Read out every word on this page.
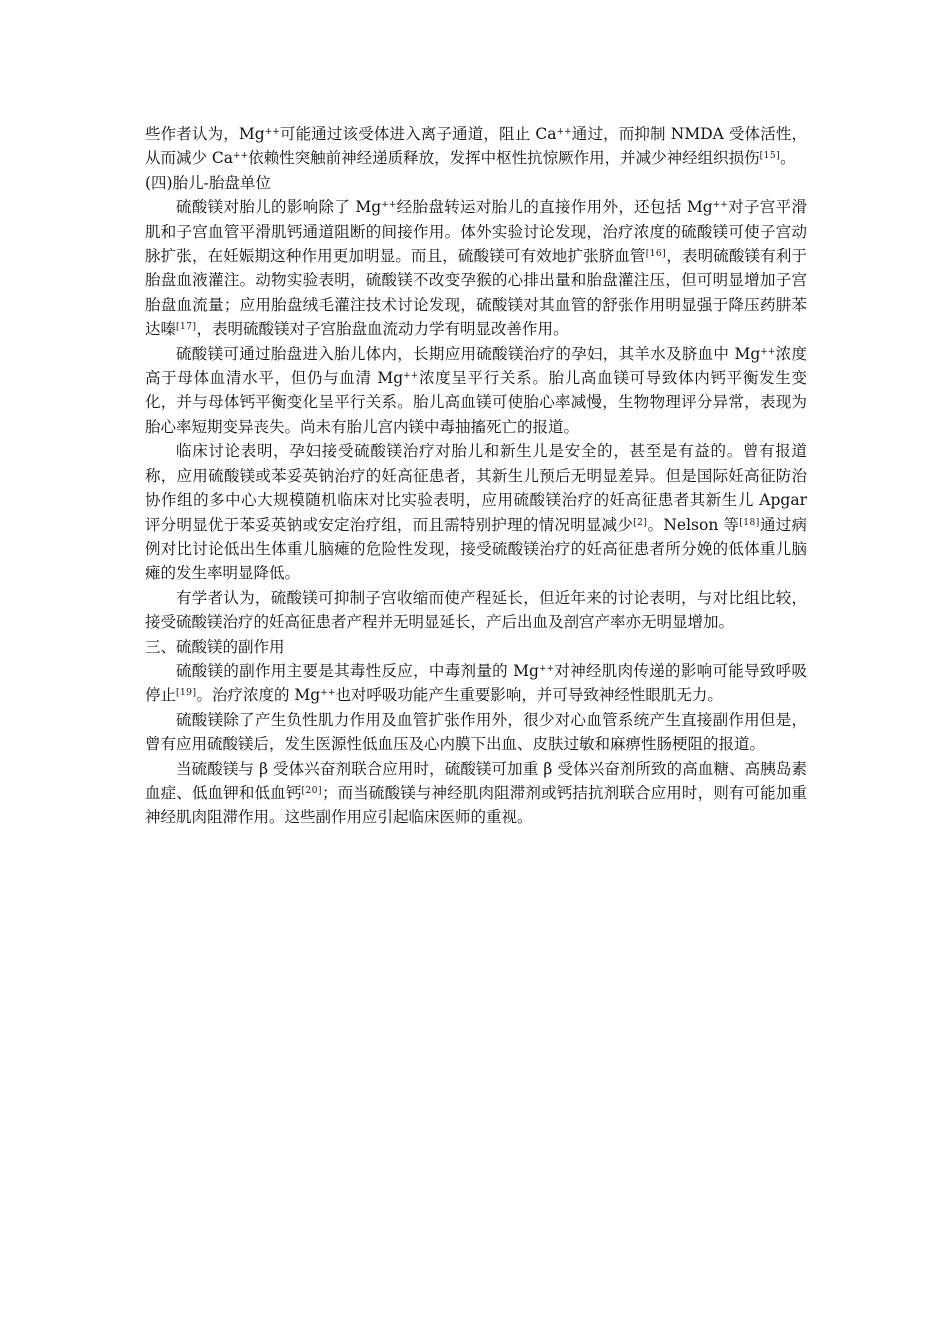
些作者认为，Mg++可能通过该受体进入离子通道，阻止 Ca++通过，而抑制 NMDA 受体活性，从而减少 Ca++依赖性突触前神经递质释放，发挥中枢性抗惊厥作用，并减少神经组织损伤[15]。

(四)胎儿-胎盘单位

硫酸镁对胎儿的影响除了 Mg++经胎盘转运对胎儿的直接作用外，还包括 Mg++对子宫平滑肌和子宫血管平滑肌钙通道阻断的间接作用。体外实验讨论发现，治疗浓度的硫酸镁可使子宫动脉扩张，在妊娠期这种作用更加明显。而且，硫酸镁可有效地扩张脐血管[16]，表明硫酸镁有利于胎盘血液灌注。动物实验表明，硫酸镁不改变孕猴的心排出量和胎盘灌注压，但可明显增加子宫胎盘血流量；应用胎盘绒毛灌注技术讨论发现，硫酸镁对其血管的舒张作用明显强于降压药肼苯达嗪[17]，表明硫酸镁对子宫胎盘血流动力学有明显改善作用。

硫酸镁可通过胎盘进入胎儿体内，长期应用硫酸镁治疗的孕妇，其羊水及脐血中 Mg++浓度高于母体血清水平，但仍与血清 Mg++浓度呈平行关系。胎儿高血镁可导致体内钙平衡发生变化，并与母体钙平衡变化呈平行关系。胎儿高血镁可使胎心率减慢，生物物理评分异常，表现为胎心率短期变异丧失。尚未有胎儿宫内镁中毒抽搐死亡的报道。

临床讨论表明，孕妇接受硫酸镁治疗对胎儿和新生儿是安全的，甚至是有益的。曾有报道称，应用硫酸镁或苯妥英钠治疗的妊高征患者，其新生儿预后无明显差异。但是国际妊高征防治协作组的多中心大规模随机临床对比实验表明，应用硫酸镁治疗的妊高征患者其新生儿 Apgar 评分明显优于苯妥英钠或安定治疗组，而且需特别护理的情况明显减少[2]。Nelson 等[18]通过病例对比讨论低出生体重儿脑瘫的危险性发现，接受硫酸镁治疗的妊高征患者所分娩的低体重儿脑瘫的发生率明显降低。

有学者认为，硫酸镁可抑制子宫收缩而使产程延长，但近年来的讨论表明，与对比组比较，接受硫酸镁治疗的妊高征患者产程并无明显延长，产后出血及剖宫产率亦无明显增加。

三、硫酸镁的副作用

硫酸镁的副作用主要是其毒性反应，中毒剂量的 Mg++对神经肌肉传递的影响可能导致呼吸停止[19]。治疗浓度的 Mg++也对呼吸功能产生重要影响，并可导致神经性眼肌无力。

硫酸镁除了产生负性肌力作用及血管扩张作用外，很少对心血管系统产生直接副作用但是，曾有应用硫酸镁后，发生医源性低血压及心内膜下出血、皮肤过敏和麻痹性肠梗阻的报道。

当硫酸镁与 β 受体兴奋剂联合应用时，硫酸镁可加重 β 受体兴奋剂所致的高血糖、高胰岛素血症、低血钾和低血钙[20]；而当硫酸镁与神经肌肉阻滞剂或钙拮抗剂联合应用时，则有可能加重神经肌肉阻滞作用。这些副作用应引起临床医师的重视。
